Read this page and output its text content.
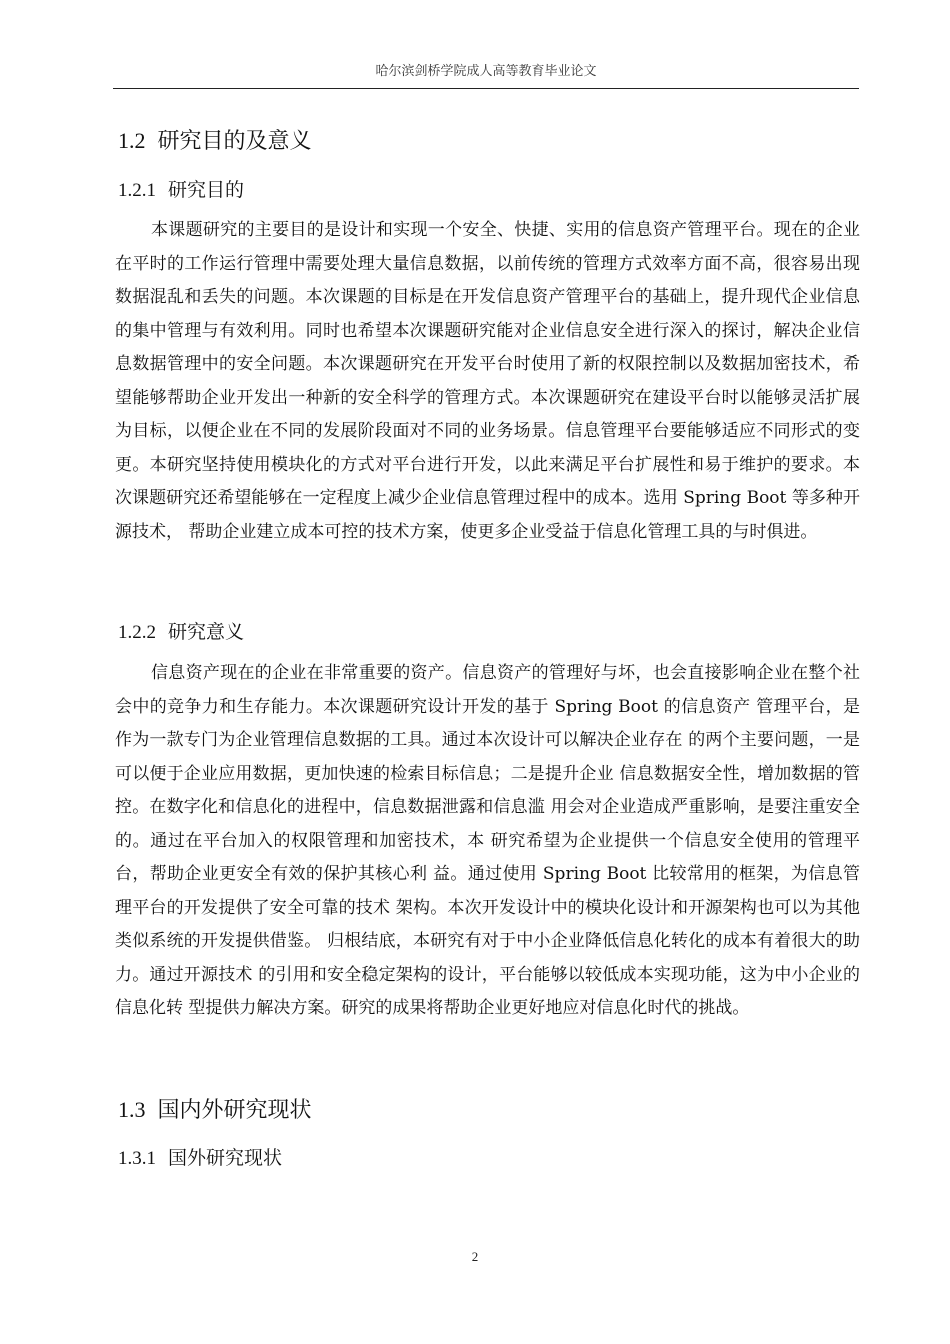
哈尔滨剑桥学院成人高等教育毕业论文
1.2 研究目的及意义
1.2.1 研究目的

本课题研究的主要目的是设计和实现一个安全、快捷、实用的信息资产管理平台。现在的企业在平时的工作运行管理中需要处理大量信息数据，以前传统的管理方式效率方面不高，很容易出现数据混乱和丢失的问题。本次课题的目标是在开发信息资产管理平台的基础上，提升现代企业信息的集中管理与有效利用。同时也希望本次课题研究能对企业信息安全进行深入的探讨，解决企业信息数据管理中的安全问题。本次课题研究在开发平台时使用了新的权限控制以及数据加密技术，希望能够帮助企业开发出一种新的安全科学的管理方式。本次课题研究在建设平台时以能够灵活扩展为目标，以便企业在不同的发展阶段面对不同的业务场景。信息管理平台要能够适应不同形式的变更。本研究坚持使用模块化的方式对平台进行开发，以此来满足平台扩展性和易于维护的要求。本次课题研究还希望能够在一定程度上减少企业信息管理过程中的成本。选用 Spring Boot 等多种开源技术， 帮助企业建立成本可控的技术方案，使更多企业受益于信息化管理工具的与时俱进。

1.2.2 研究意义

信息资产现在的企业在非常重要的资产。信息资产的管理好与坏，也会直接影响企业在整个社会中的竞争力和生存能力。本次课题研究设计开发的基于 Spring Boot 的信息资产 管理平台，是作为一款专门为企业管理信息数据的工具。通过本次设计可以解决企业存在 的两个主要问题，一是可以便于企业应用数据，更加快速的检索目标信息；二是提升企业 信息数据安全性，增加数据的管控。在数字化和信息化的进程中，信息数据泄露和信息滥 用会对企业造成严重影响，是要注重安全的。通过在平台加入的权限管理和加密技术，本 研究希望为企业提供一个信息安全使用的管理平台，帮助企业更安全有效的保护其核心利 益。通过使用 Spring Boot 比较常用的框架，为信息管理平台的开发提供了安全可靠的技术 架构。本次开发设计中的模块化设计和开源架构也可以为其他类似系统的开发提供借鉴。 归根结底，本研究有对于中小企业降低信息化转化的成本有着很大的助力。通过开源技术 的引用和安全稳定架构的设计，平台能够以较低成本实现功能，这为中小企业的信息化转 型提供力解决方案。研究的成果将帮助企业更好地应对信息化时代的挑战。

1.3 国内外研究现状
1.3.1 国外研究现状
2
